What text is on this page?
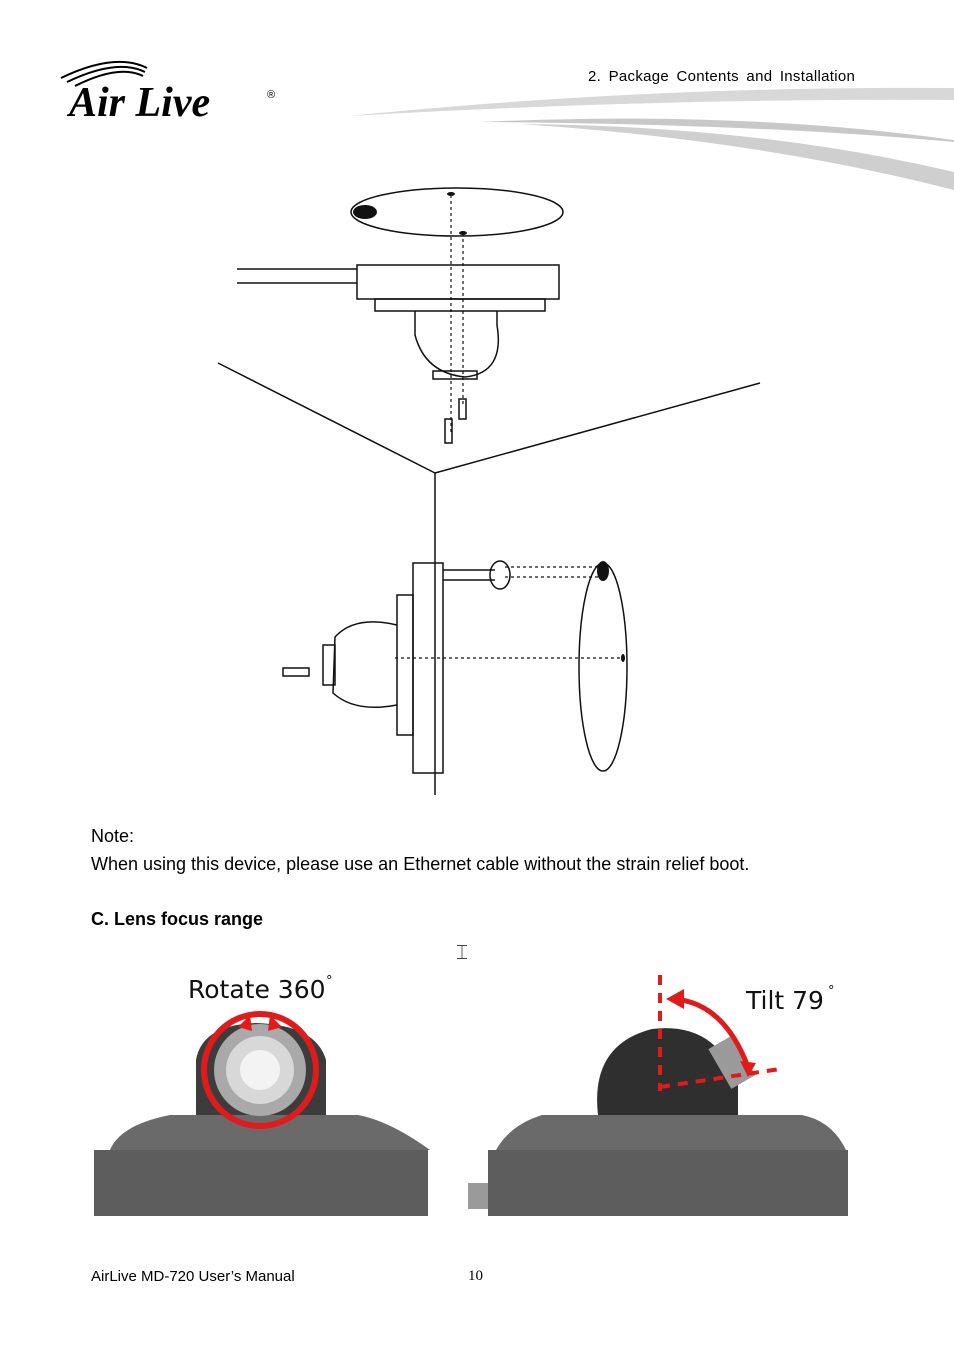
Air Live	®
2. Package Contents and Installation
Note:
When using this device, please use an Ethernet cable without the strain relief boot.
C. Lens focus range
⌶
Rotate 360 °
Tilt 79 °
AirLive MD-720 User’s Manual	10
